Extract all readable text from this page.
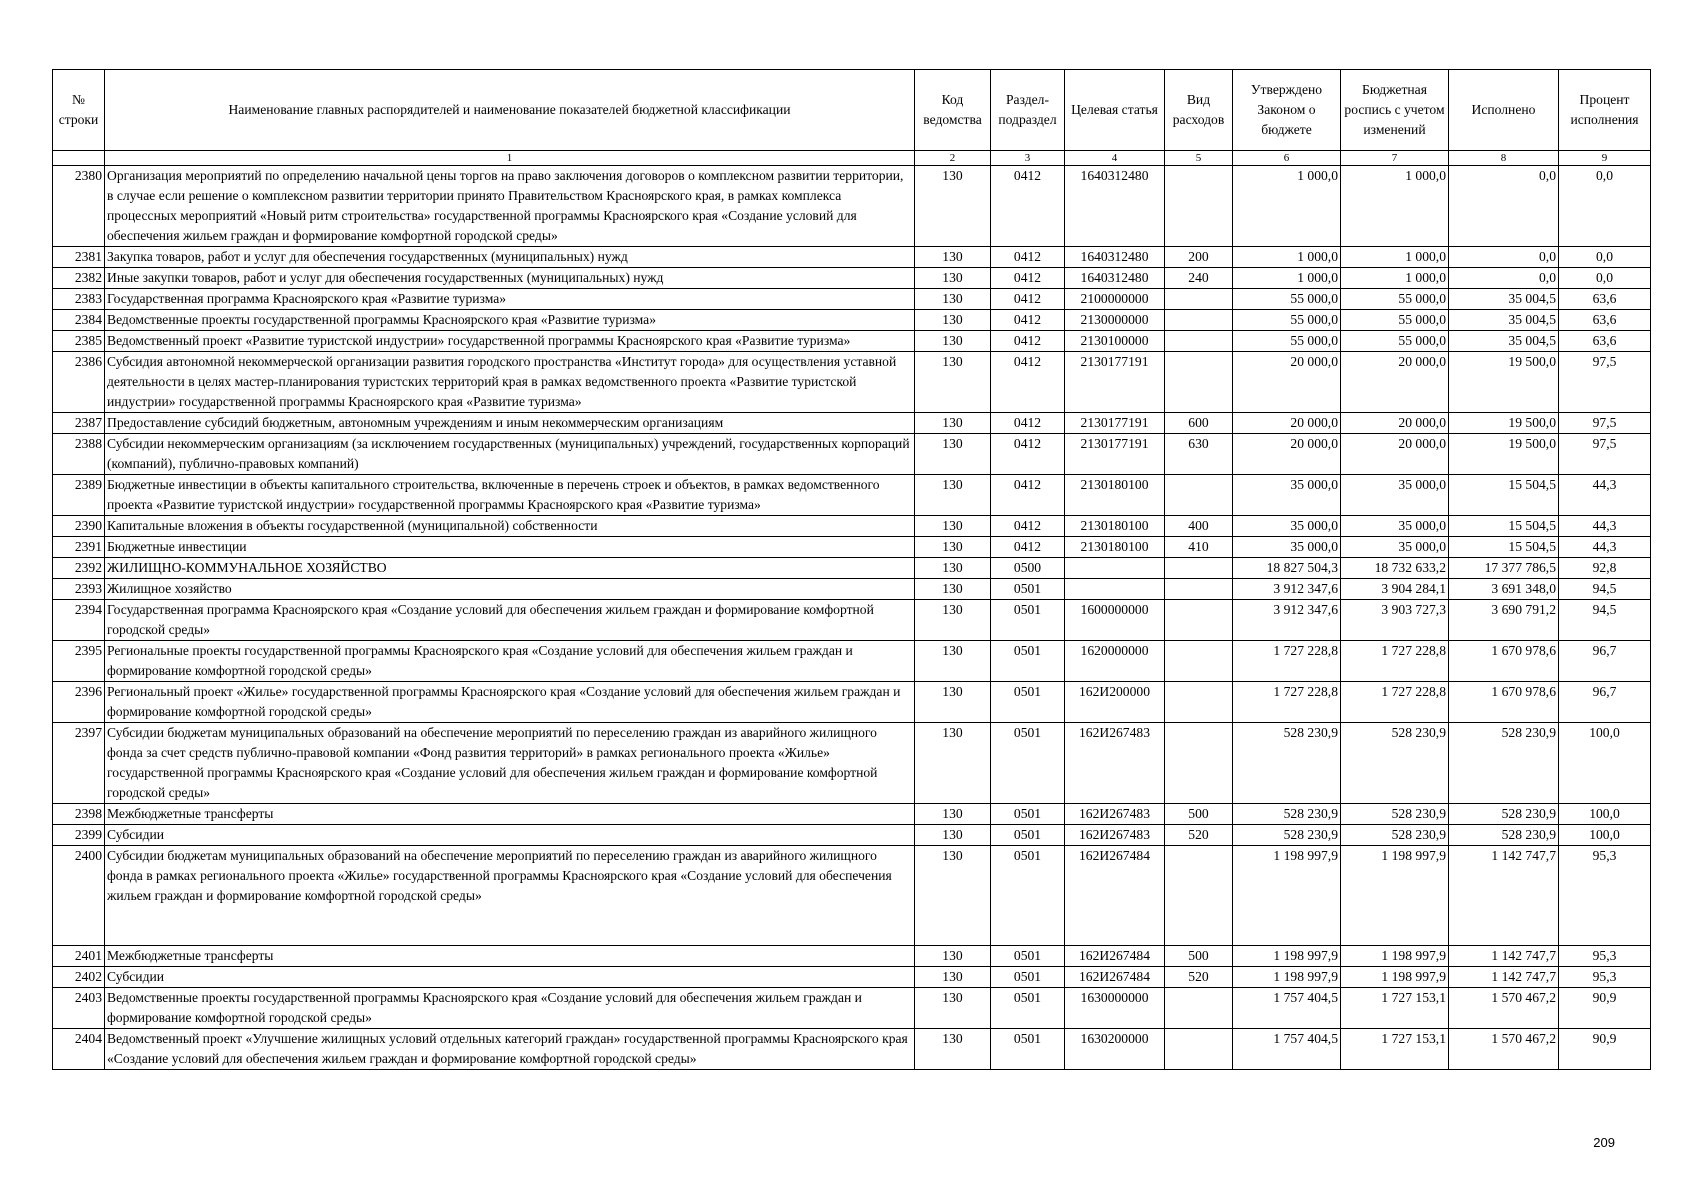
№ строки	Наименование главных распорядителей и наименование показателей бюджетной классификации	Код ведомства	Раздел-подраздел	Целевая статья	Вид расходов	Утверждено Законом о бюджете	Бюджетная роспись с учетом изменений	Исполнено	Процент исполнения
	1	2	3	4	5	6	7	8	9
2380	Организация мероприятий по определению начальной цены торгов на право заключения договоров о комплексном развитии территории, в случае если решение о комплексном развитии территории принято Правительством Красноярского края, в рамках комплекса процессных мероприятий «Новый ритм строительства» государственной программы Красноярского края «Создание условий для обеспечения жильем граждан и формирование комфортной городской среды»	130	0412	1640312480		1 000,0	1 000,0	0,0	0,0
2381	Закупка товаров, работ и услуг для обеспечения государственных (муниципальных) нужд	130	0412	1640312480	200	1 000,0	1 000,0	0,0	0,0
2382	Иные закупки товаров, работ и услуг для обеспечения государственных (муниципальных) нужд	130	0412	1640312480	240	1 000,0	1 000,0	0,0	0,0
2383	Государственная программа Красноярского края «Развитие туризма»	130	0412	2100000000		55 000,0	55 000,0	35 004,5	63,6
2384	Ведомственные проекты государственной программы Красноярского края «Развитие туризма»	130	0412	2130000000		55 000,0	55 000,0	35 004,5	63,6
2385	Ведомственный проект «Развитие туристской индустрии» государственной программы Красноярского края «Развитие туризма»	130	0412	2130100000		55 000,0	55 000,0	35 004,5	63,6
2386	Субсидия автономной некоммерческой организации развития городского пространства «Институт города» для осуществления уставной деятельности в целях мастер-планирования туристских территорий края в рамках ведомственного проекта «Развитие туристской индустрии» государственной программы Красноярского края «Развитие туризма»	130	0412	2130177191		20 000,0	20 000,0	19 500,0	97,5
2387	Предоставление субсидий бюджетным, автономным учреждениям и иным некоммерческим организациям	130	0412	2130177191	600	20 000,0	20 000,0	19 500,0	97,5
2388	Субсидии некоммерческим организациям (за исключением государственных (муниципальных) учреждений, государственных корпораций (компаний), публично-правовых компаний)	130	0412	2130177191	630	20 000,0	20 000,0	19 500,0	97,5
2389	Бюджетные инвестиции в объекты капитального строительства, включенные в перечень строек и объектов, в рамках ведомственного проекта «Развитие туристской индустрии» государственной программы Красноярского края «Развитие туризма»	130	0412	2130180100		35 000,0	35 000,0	15 504,5	44,3
2390	Капитальные вложения в объекты государственной (муниципальной) собственности	130	0412	2130180100	400	35 000,0	35 000,0	15 504,5	44,3
2391	Бюджетные инвестиции	130	0412	2130180100	410	35 000,0	35 000,0	15 504,5	44,3
2392	ЖИЛИЩНО-КОММУНАЛЬНОЕ ХОЗЯЙСТВО	130	0500			18 827 504,3	18 732 633,2	17 377 786,5	92,8
2393	Жилищное хозяйство	130	0501			3 912 347,6	3 904 284,1	3 691 348,0	94,5
2394	Государственная программа Красноярского края «Создание условий для обеспечения жильем граждан и формирование комфортной городской среды»	130	0501	1600000000		3 912 347,6	3 903 727,3	3 690 791,2	94,5
2395	Региональные проекты государственной программы Красноярского края «Создание условий для обеспечения жильем граждан и формирование комфортной городской среды»	130	0501	1620000000		1 727 228,8	1 727 228,8	1 670 978,6	96,7
2396	Региональный проект «Жилье» государственной программы Красноярского края «Создание условий для обеспечения жильем граждан и формирование комфортной городской среды»	130	0501	162И200000		1 727 228,8	1 727 228,8	1 670 978,6	96,7
2397	Субсидии бюджетам муниципальных образований на обеспечение мероприятий по переселению граждан из аварийного жилищного фонда за счет средств публично-правовой компании «Фонд развития территорий» в рамках регионального проекта «Жилье» государственной программы Красноярского края «Создание условий для обеспечения жильем граждан и формирование комфортной городской среды»	130	0501	162И267483		528 230,9	528 230,9	528 230,9	100,0
2398	Межбюджетные трансферты	130	0501	162И267483	500	528 230,9	528 230,9	528 230,9	100,0
2399	Субсидии	130	0501	162И267483	520	528 230,9	528 230,9	528 230,9	100,0
2400	Субсидии бюджетам муниципальных образований на обеспечение мероприятий по переселению граждан из аварийного жилищного фонда в рамках регионального проекта «Жилье» государственной программы Красноярского края «Создание условий для обеспечения жильем граждан и формирование комфортной городской среды»	130	0501	162И267484		1 198 997,9	1 198 997,9	1 142 747,7	95,3
2401	Межбюджетные трансферты	130	0501	162И267484	500	1 198 997,9	1 198 997,9	1 142 747,7	95,3
2402	Субсидии	130	0501	162И267484	520	1 198 997,9	1 198 997,9	1 142 747,7	95,3
2403	Ведомственные проекты государственной программы Красноярского края «Создание условий для обеспечения жильем граждан и формирование комфортной городской среды»	130	0501	1630000000		1 757 404,5	1 727 153,1	1 570 467,2	90,9
2404	Ведомственный проект «Улучшение жилищных условий отдельных категорий граждан» государственной программы Красноярского края «Создание условий для обеспечения жильем граждан и формирование комфортной городской среды»	130	0501	1630200000		1 757 404,5	1 727 153,1	1 570 467,2	90,9
209
